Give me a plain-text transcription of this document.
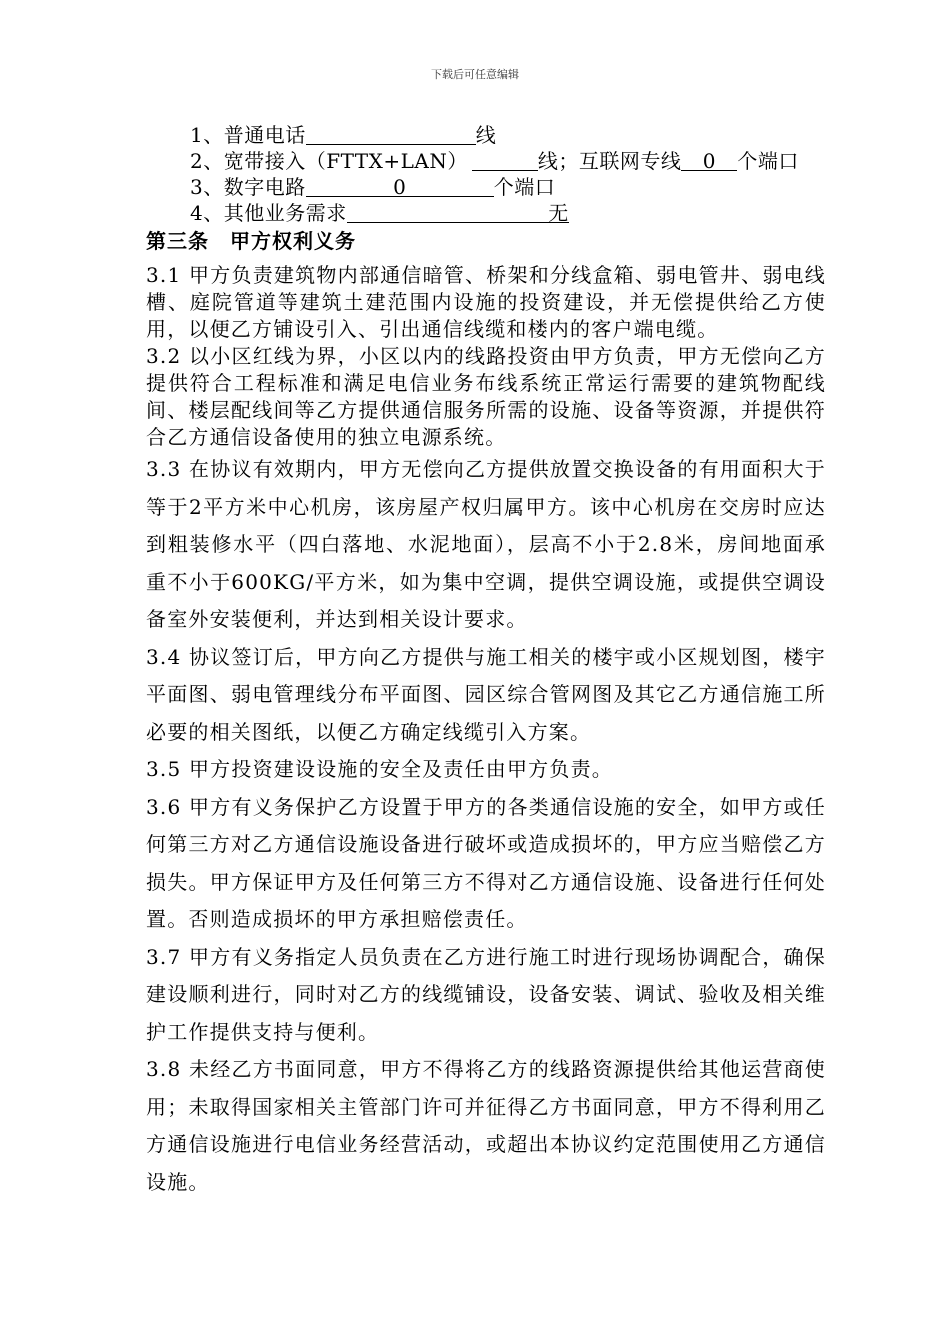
下载后可任意编辑
1、普通电话	线
2、宽带接入（FTTX+LAN）	线；互联网专线 0 个端口
3、数字电路	0	个端口
4、其他业务需求	无
第三条　甲方权利义务

3.1 甲方负责建筑物内部通信暗管、桥架和分线盒箱、弱电管井、弱电线槽、庭院管道等建筑土建范围内设施的投资建设，并无偿提供给乙方使用，以便乙方铺设引入、引出通信线缆和楼内的客户端电缆。

3.2 以小区红线为界，小区以内的线路投资由甲方负责，甲方无偿向乙方提供符合工程标准和满足电信业务布线系统正常运行需要的建筑物配线间、楼层配线间等乙方提供通信服务所需的设施、设备等资源，并提供符合乙方通信设备使用的独立电源系统。

3.3 在协议有效期内，甲方无偿向乙方提供放置交换设备的有用面积大于等于2平方米中心机房，该房屋产权归属甲方。该中心机房在交房时应达到粗装修水平（四白落地、水泥地面），层高不小于2.8米，房间地面承重不小于600KG/平方米，如为集中空调，提供空调设施，或提供空调设备室外安装便利，并达到相关设计要求。

3.4 协议签订后，甲方向乙方提供与施工相关的楼宇或小区规划图，楼宇平面图、弱电管理线分布平面图、园区综合管网图及其它乙方通信施工所必要的相关图纸，以便乙方确定线缆引入方案。

3.5 甲方投资建设设施的安全及责任由甲方负责。

3.6 甲方有义务保护乙方设置于甲方的各类通信设施的安全，如甲方或任何第三方对乙方通信设施设备进行破坏或造成损坏的，甲方应当赔偿乙方损失。甲方保证甲方及任何第三方不得对乙方通信设施、设备进行任何处置。否则造成损坏的甲方承担赔偿责任。

3.7 甲方有义务指定人员负责在乙方进行施工时进行现场协调配合，确保建设顺利进行，同时对乙方的线缆铺设，设备安装、调试、验收及相关维护工作提供支持与便利。

3.8 未经乙方书面同意，甲方不得将乙方的线路资源提供给其他运营商使用；未取得国家相关主管部门许可并征得乙方书面同意，甲方不得利用乙方通信设施进行电信业务经营活动，或超出本协议约定范围使用乙方通信设施。
